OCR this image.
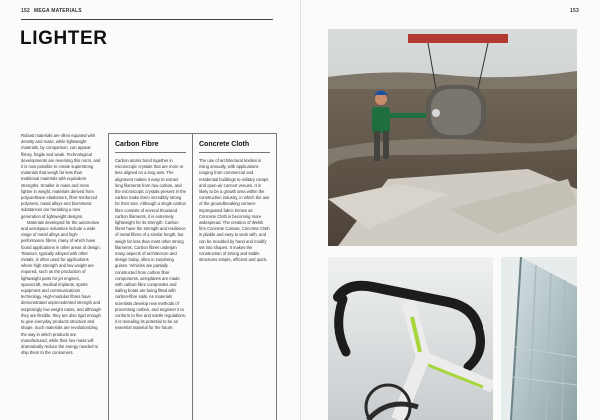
152 MEGA MATERIALS
LIGHTER

Robust materials are often equated with density and mass, while lightweight materials, by comparison, can appear flimsy, fragile and weak. Technological developments are reversing this norm, and it is now possible to create superstrong materials that weigh far less than traditional materials with equivalent strengths. Smaller in mass and more lighter in weight, materials derived from polyurethane elastomers, fibre-reinforced polymers, metal alloys and biomimetic substances are heralding a new generation of lightweight designs.

Materials developed for the automotive and aerospace industries include a wide range of metal alloys and high-performance fibres, many of which have found applications in other areas of design. Titanium, typically alloyed with other metals, is often used for applications where high strength and low weight are required, such as the production of lightweight parts for jet engines, spacecraft, medical implants, sports equipment and communications technology. High-modulus fibres have demonstrated unprecedented strength and surprisingly low weight ratios, and although they are flexible, they are also rigid enough to give everyday products structure and shape. Such materials are revolutionizing the way in which products are manufactured, while their low mass will dramatically reduce the energy needed to ship them to the consumers.

Carbon Fibre
Carbon atoms bond together in microscopic crystals that are more or less aligned on a long axis. The alignment makes it easy to extract long filaments from raw carbon, and the microscopic crystals present in the carbon make them incredibly strong for their size. Although a single carbon fibre consists of several thousand carbon filaments, it is extremely lightweight for its strength. Carbon fibres have the strength and resilience of metal fibres of a similar length, but weigh far less than most other strong filaments. Carbon fibres underpin many aspects of architecture and design today, often in surprising guises. Vehicles are partially constructed from carbon fibre components, aeroplanes are made with carbon-fibre composites and sailing boats are being fitted with carbon-fibre sails. As materials scientists develop new methods of processing carbon, and engineer it to conform to fine and subtle regulations, it is revealing its potential to be an essential material for the future.
Concrete Cloth
The use of architectural textiles is rising annually, with applications ranging from commercial and residential buildings to military camps and open-air concert venues. It is likely to be a growth area within the construction industry, in which the use of the groundbreaking cement-impregnated fabric known as Concrete Cloth is becoming more widespread. The creation of Welsh firm Concrete Canvas, Concrete Cloth is pliable and easy to work with, and can be moulded by hand and modify set into shapes. It makes the construction of strong and stable structures simple, efficient and quick.
153
